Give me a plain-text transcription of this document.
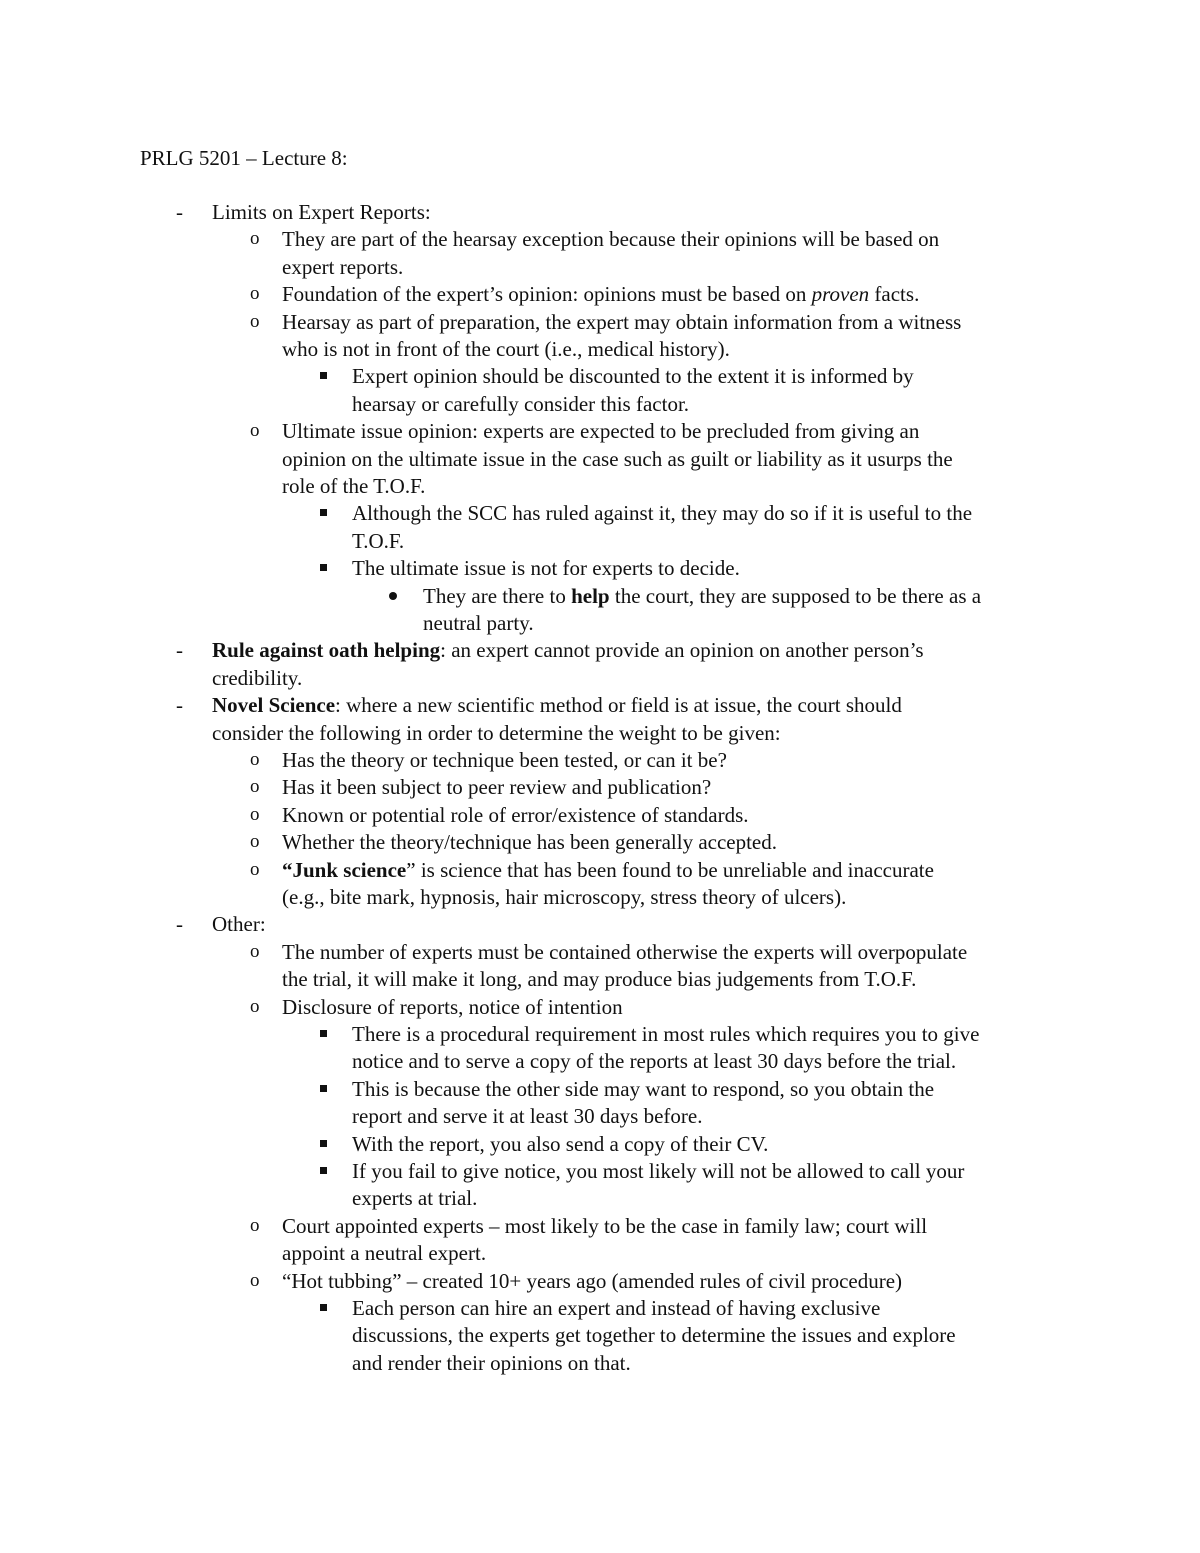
PRLG 5201 – Lecture 8:
- Limits on Expert Reports:
o They are part of the hearsay exception because their opinions will be based on
expert reports.
o Foundation of the expert’s opinion: opinions must be based on proven facts.
o Hearsay as part of preparation, the expert may obtain information from a witness
who is not in front of the court (i.e., medical history).
Expert opinion should be discounted to the extent it is informed by
hearsay or carefully consider this factor.
o Ultimate issue opinion: experts are expected to be precluded from giving an
opinion on the ultimate issue in the case such as guilt or liability as it usurps the
role of the T.O.F.
Although the SCC has ruled against it, they may do so if it is useful to the
T.O.F.
The ultimate issue is not for experts to decide.
They are there to help the court, they are supposed to be there as a
neutral party.
- Rule against oath helping: an expert cannot provide an opinion on another person’s
credibility.
- Novel Science: where a new scientific method or field is at issue, the court should
consider the following in order to determine the weight to be given:
o Has the theory or technique been tested, or can it be?
o Has it been subject to peer review and publication?
o Known or potential role of error/existence of standards.
o Whether the theory/technique has been generally accepted.
o “Junk science” is science that has been found to be unreliable and inaccurate
(e.g., bite mark, hypnosis, hair microscopy, stress theory of ulcers).
- Other:
o The number of experts must be contained otherwise the experts will overpopulate
the trial, it will make it long, and may produce bias judgements from T.O.F.
o Disclosure of reports, notice of intention
There is a procedural requirement in most rules which requires you to give
notice and to serve a copy of the reports at least 30 days before the trial.
This is because the other side may want to respond, so you obtain the
report and serve it at least 30 days before.
With the report, you also send a copy of their CV.
If you fail to give notice, you most likely will not be allowed to call your
experts at trial.
o Court appointed experts – most likely to be the case in family law; court will
appoint a neutral expert.
o “Hot tubbing” – created 10+ years ago (amended rules of civil procedure)
Each person can hire an expert and instead of having exclusive
discussions, the experts get together to determine the issues and explore
and render their opinions on that.
